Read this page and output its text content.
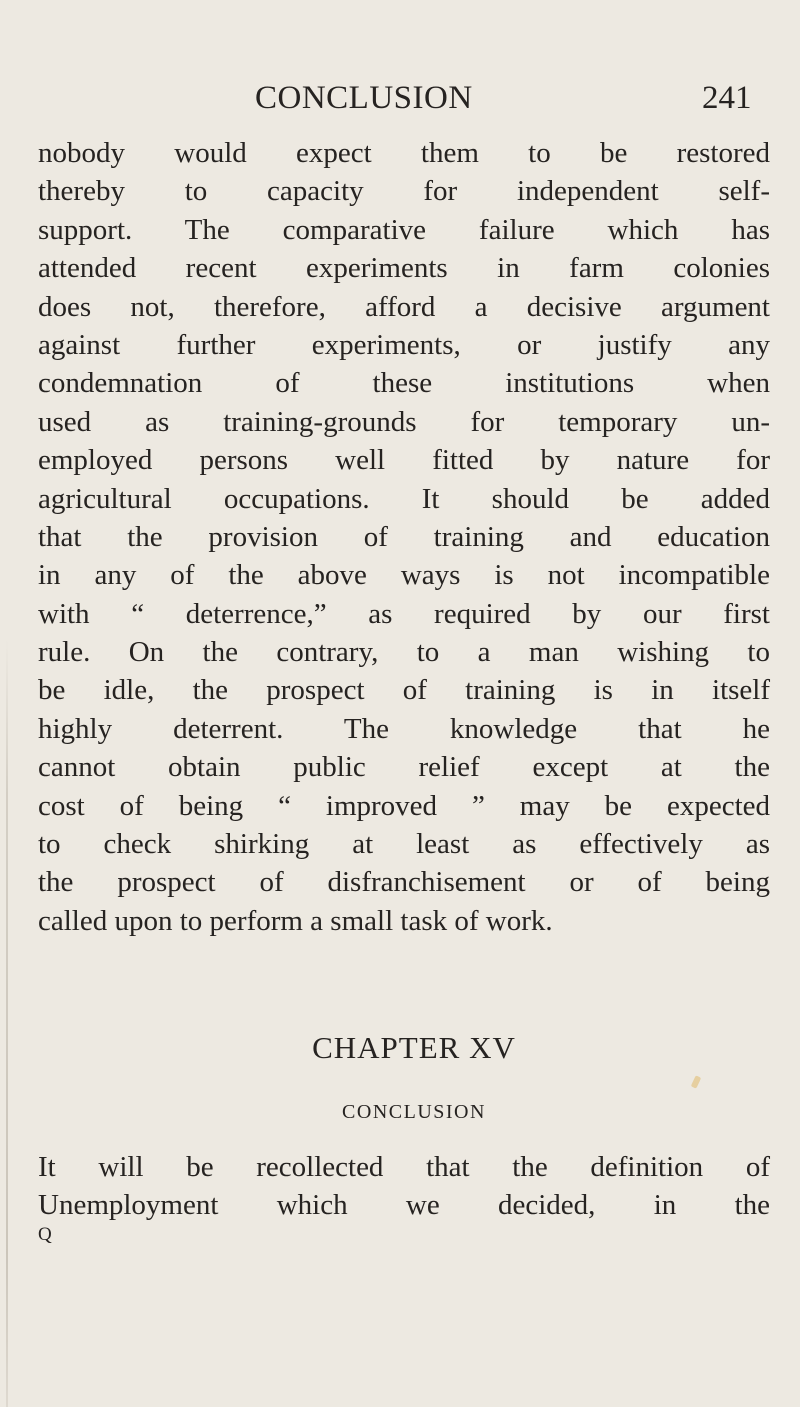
CONCLUSION	241
nobody would expect them to be restored
thereby to capacity for independent self-
support. The comparative failure which has
attended recent experiments in farm colonies
does not, therefore, afford a decisive argument
against further experiments, or justify any
condemnation of these institutions when
used as training-grounds for temporary un-
employed persons well fitted by nature for
agricultural occupations. It should be added
that the provision of training and education
in any of the above ways is not incompatible
with “ deterrence,” as required by our first
rule. On the contrary, to a man wishing to
be idle, the prospect of training is in itself
highly deterrent. The knowledge that he
cannot obtain public relief except at the
cost of being “ improved ” may be expected
to check shirking at least as effectively as
the prospect of disfranchisement or of being
called upon to perform a small task of work.
CHAPTER XV
CONCLUSION
It will be recollected that the definition of
Unemployment which we decided, in the
Q
